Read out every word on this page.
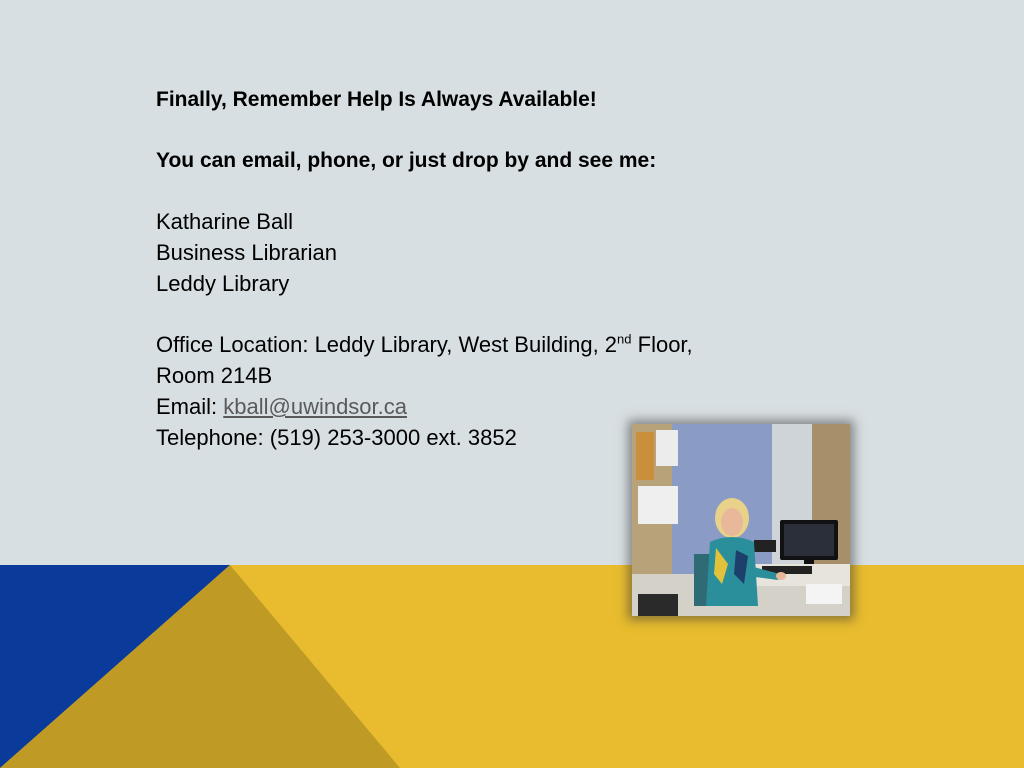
Finally, Remember Help Is Always Available!

You can email, phone, or just drop by and see me:

Katharine Ball

Business Librarian

Leddy Library

Office Location: Leddy Library, West Building, 2nd Floor,

Room 214B

Email: kball@uwindsor.ca

Telephone: (519) 253-3000 ext. 3852
